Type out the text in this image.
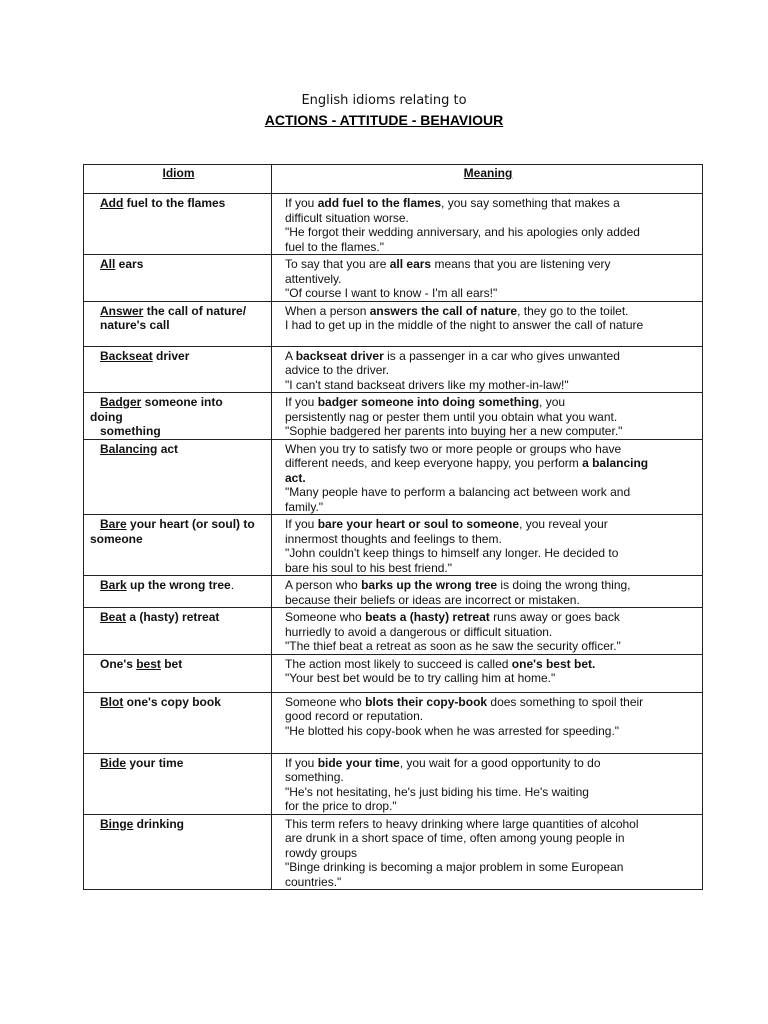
English idioms relating to
ACTIONS - ATTITUDE - BEHAVIOUR
Idiom	Meaning
Add fuel to the flames	If you add fuel to the flames, you say something that makes a
difficult situation worse.
"He forgot their wedding anniversary, and his apologies only added
fuel to the flames."

All ears	To say that you are all ears means that you are listening very
attentively.
"Of course I want to know - I'm all ears!"

Answer the call of nature/
nature's call	When a person answers the call of nature, they go to the toilet.
I had to get up in the middle of the night to answer the call of nature

Backseat driver	A backseat driver is a passenger in a car who gives unwanted
advice to the driver.
"I can't stand backseat drivers like my mother-in-law!"

Badger someone into
doing
something	If you badger someone into doing something, you
persistently nag or pester them until you obtain what you want.
"Sophie badgered her parents into buying her a new computer."

Balancing act	When you try to satisfy two or more people or groups who have
different needs, and keep everyone happy, you perform a balancing
act.
"Many people have to perform a balancing act between work and
family."

Bare your heart (or soul) to
someone	If you bare your heart or soul to someone, you reveal your
innermost thoughts and feelings to them.
"John couldn't keep things to himself any longer. He decided to
bare his soul to his best friend."

Bark up the wrong tree.	A person who barks up the wrong tree is doing the wrong thing,
because their beliefs or ideas are incorrect or mistaken.

Beat a (hasty) retreat	Someone who beats a (hasty) retreat runs away or goes back
hurriedly to avoid a dangerous or difficult situation.
"The thief beat a retreat as soon as he saw the security officer."

One's best bet	The action most likely to succeed is called one's best bet.
"Your best bet would be to try calling him at home."

Blot one's copy book	Someone who blots their copy-book does something to spoil their
good record or reputation.
"He blotted his copy-book when he was arrested for speeding."

Bide your time	If you bide your time, you wait for a good opportunity to do
something.
"He's not hesitating, he's just biding his time. He's waiting
for the price to drop."

Binge drinking	This term refers to heavy drinking where large quantities of alcohol
are drunk in a short space of time, often among young people in
rowdy groups
"Binge drinking is becoming a major problem in some European
countries."
